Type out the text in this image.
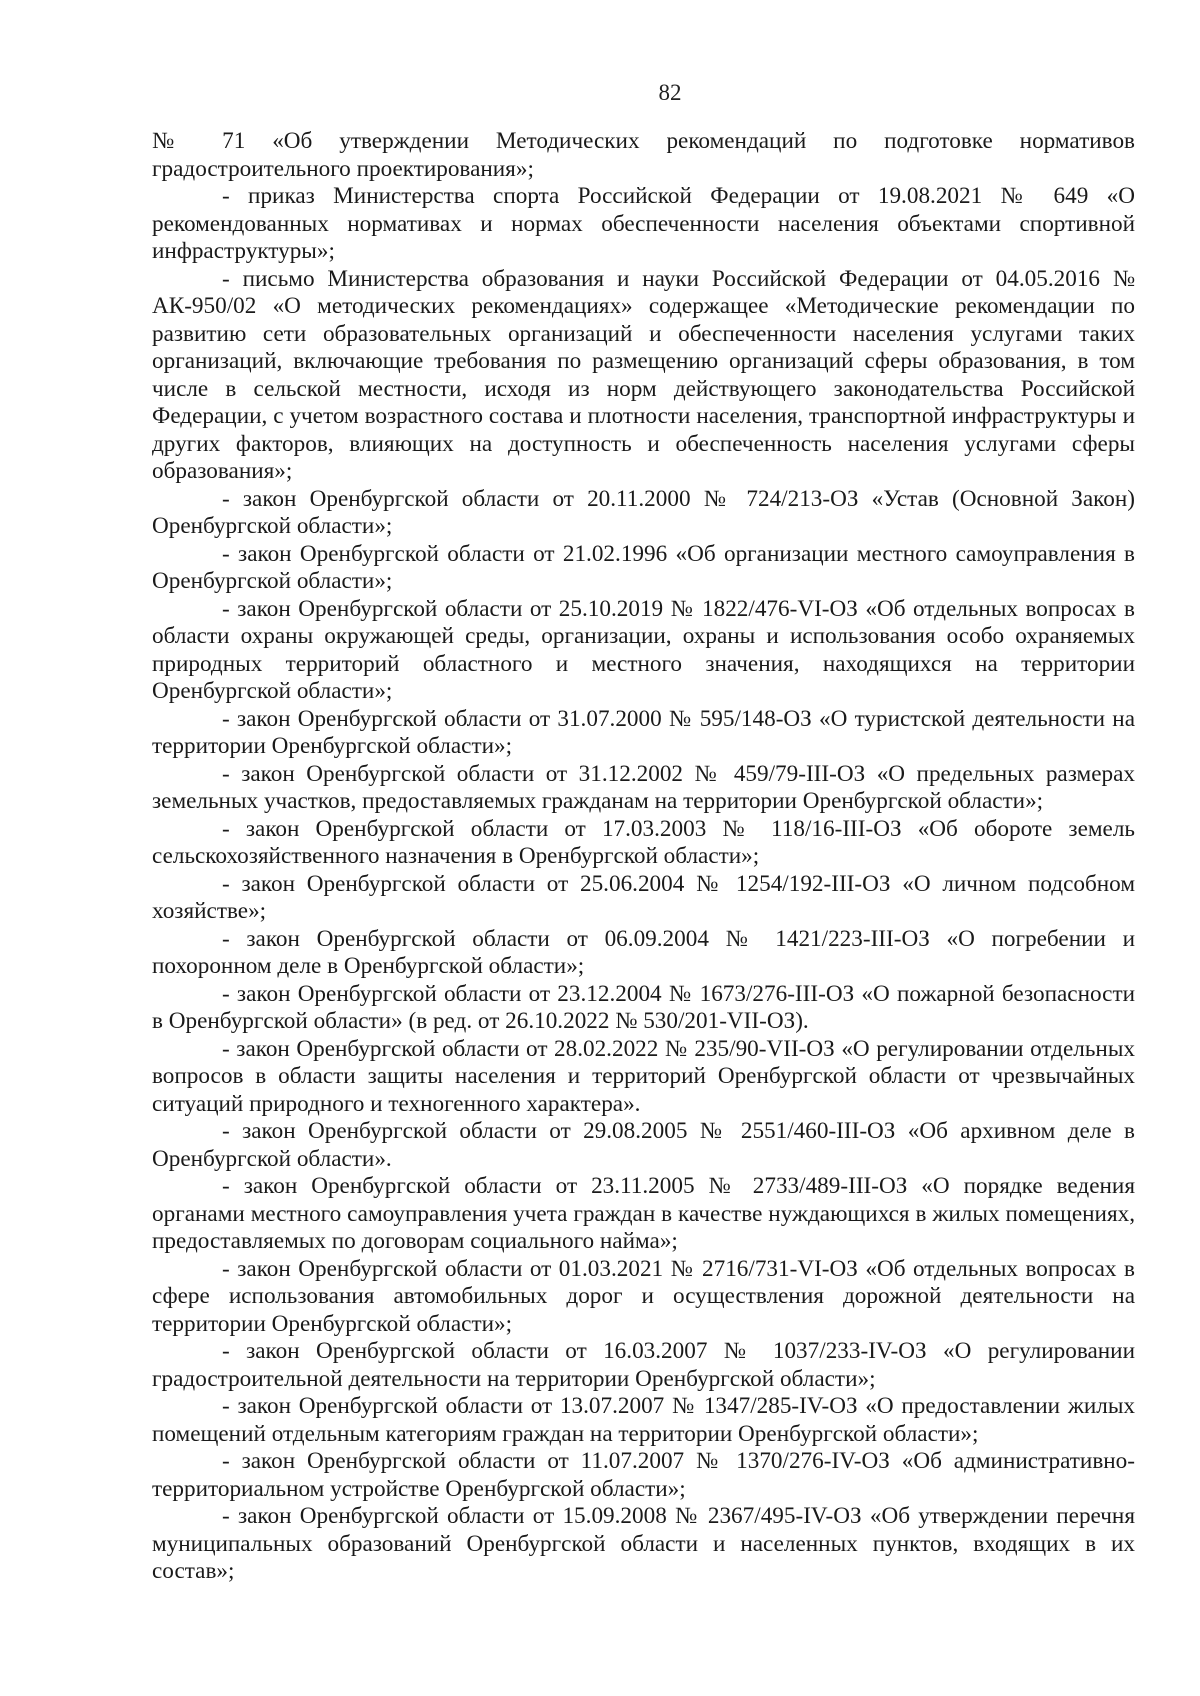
82

№ 71 «Об утверждении Методических рекомендаций по подготовке нормативов градостроительного проектирования»;

- приказ Министерства спорта Российской Федерации от 19.08.2021 № 649 «О рекомендованных нормативах и нормах обеспеченности населения объектами спортивной инфраструктуры»;

- письмо Министерства образования и науки Российской Федерации от 04.05.2016 № АК-950/02 «О методических рекомендациях» содержащее «Методические рекомендации по развитию сети образовательных организаций и обеспеченности населения услугами таких организаций, включающие требования по размещению организаций сферы образования, в том числе в сельской местности, исходя из норм действующего законодательства Российской Федерации, с учетом возрастного состава и плотности населения, транспортной инфраструктуры и других факторов, влияющих на доступность и обеспеченность населения услугами сферы образования»;

- закон Оренбургской области от 20.11.2000 № 724/213-ОЗ «Устав (Основной Закон) Оренбургской области»;

- закон Оренбургской области от 21.02.1996 «Об организации местного самоуправления в Оренбургской области»;

- закон Оренбургской области от 25.10.2019 № 1822/476-VI-ОЗ «Об отдельных вопросах в области охраны окружающей среды, организации, охраны и использования особо охраняемых природных территорий областного и местного значения, находящихся на территории Оренбургской области»;

- закон Оренбургской области от 31.07.2000 № 595/148-ОЗ «О туристской деятельности на территории Оренбургской области»;

- закон Оренбургской области от 31.12.2002 № 459/79-III-ОЗ «О предельных размерах земельных участков, предоставляемых гражданам на территории Оренбургской области»;

- закон Оренбургской области от 17.03.2003 № 118/16-III-ОЗ «Об обороте земель сельскохозяйственного назначения в Оренбургской области»;

- закон Оренбургской области от 25.06.2004 № 1254/192-III-ОЗ «О личном подсобном хозяйстве»;

- закон Оренбургской области от 06.09.2004 № 1421/223-III-ОЗ «О погребении и похоронном деле в Оренбургской области»;

- закон Оренбургской области от 23.12.2004 № 1673/276-III-ОЗ «О пожарной безопасности в Оренбургской области» (в ред. от 26.10.2022 № 530/201-VII-ОЗ).

- закон Оренбургской области от 28.02.2022 № 235/90-VII-ОЗ «О регулировании отдельных вопросов в области защиты населения и территорий Оренбургской области от чрезвычайных ситуаций природного и техногенного характера».

- закон Оренбургской области от 29.08.2005 № 2551/460-III-ОЗ «Об архивном деле в Оренбургской области».

- закон Оренбургской области от 23.11.2005 № 2733/489-III-ОЗ «О порядке ведения органами местного самоуправления учета граждан в качестве нуждающихся в жилых помещениях, предоставляемых по договорам социального найма»;

- закон Оренбургской области от 01.03.2021 № 2716/731-VI-ОЗ «Об отдельных вопросах в сфере использования автомобильных дорог и осуществления дорожной деятельности на территории Оренбургской области»;

- закон Оренбургской области от 16.03.2007 № 1037/233-IV-ОЗ «О регулировании градостроительной деятельности на территории Оренбургской области»;

- закон Оренбургской области от 13.07.2007 № 1347/285-IV-ОЗ «О предоставлении жилых помещений отдельным категориям граждан на территории Оренбургской области»;

- закон Оренбургской области от 11.07.2007 № 1370/276-IV-ОЗ «Об административно-территориальном устройстве Оренбургской области»;

- закон Оренбургской области от 15.09.2008 № 2367/495-IV-ОЗ «Об утверждении перечня муниципальных образований Оренбургской области и населенных пунктов, входящих в их состав»;
